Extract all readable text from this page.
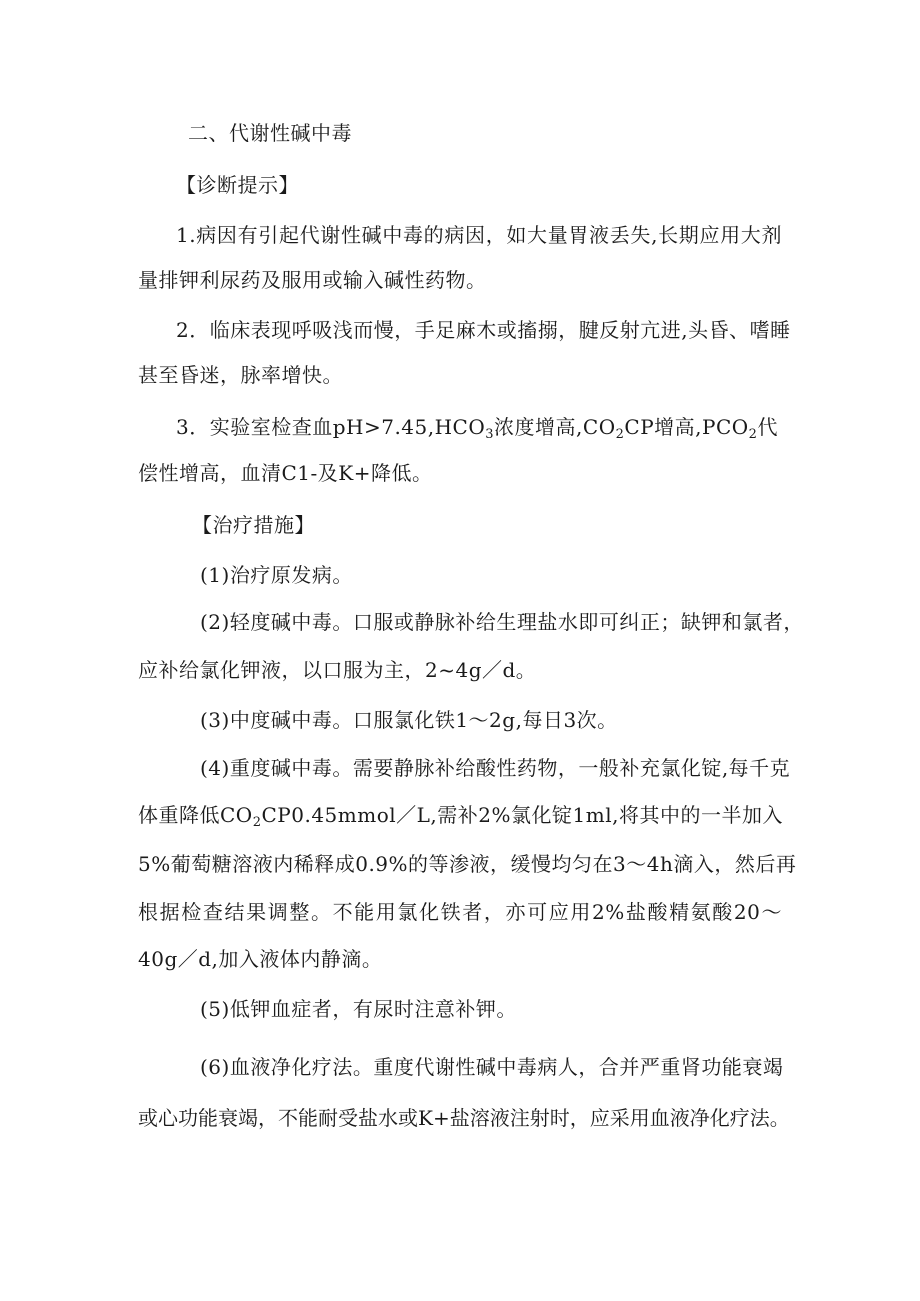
二、代谢性碱中毒
【诊断提示】
1.病因有引起代谢性碱中毒的病因，如大量胃液丢失,长期应用大剂
量排钾利尿药及服用或输入碱性药物。
2．临床表现呼吸浅而慢，手足麻木或搐搦，腱反射亢进,头昏、嗜睡
甚至昏迷，脉率增快。
3．实验室检查血$pH>7.45,HCO_3$浓度增高$,CO_2CP$增高$,PCO_2$代
偿性增高，血清C1-及K+降低。
【治疗措施】
(1)治疗原发病。
(2)轻度碱中毒。口服或静脉补给生理盐水即可纠正；缺钾和氯者，
应补给氯化钾液，以口服为主，2~4g／d。
(3)中度碱中毒。口服氯化铁1～2g,每日3次。
(4)重度碱中毒。需要静脉补给酸性药物，一般补充氯化锭,每千克
体重降低$CO_2CP0.45mmol/L$,需补2%氯化锭1ml,将其中的一半加入
5%葡萄糖溶液内稀释成0.9%的等渗液，缓慢均匀在3～4h滴入，然后再
根据检查结果调整。不能用氯化铁者，亦可应用2%盐酸精氨酸20～
40g／d,加入液体内静滴。
(5)低钾血症者，有尿时注意补钾。
(6)血液净化疗法。重度代谢性碱中毒病人，合并严重肾功能衰竭
或心功能衰竭，不能耐受盐水或K+盐溶液注射时，应采用血液净化疗法。
